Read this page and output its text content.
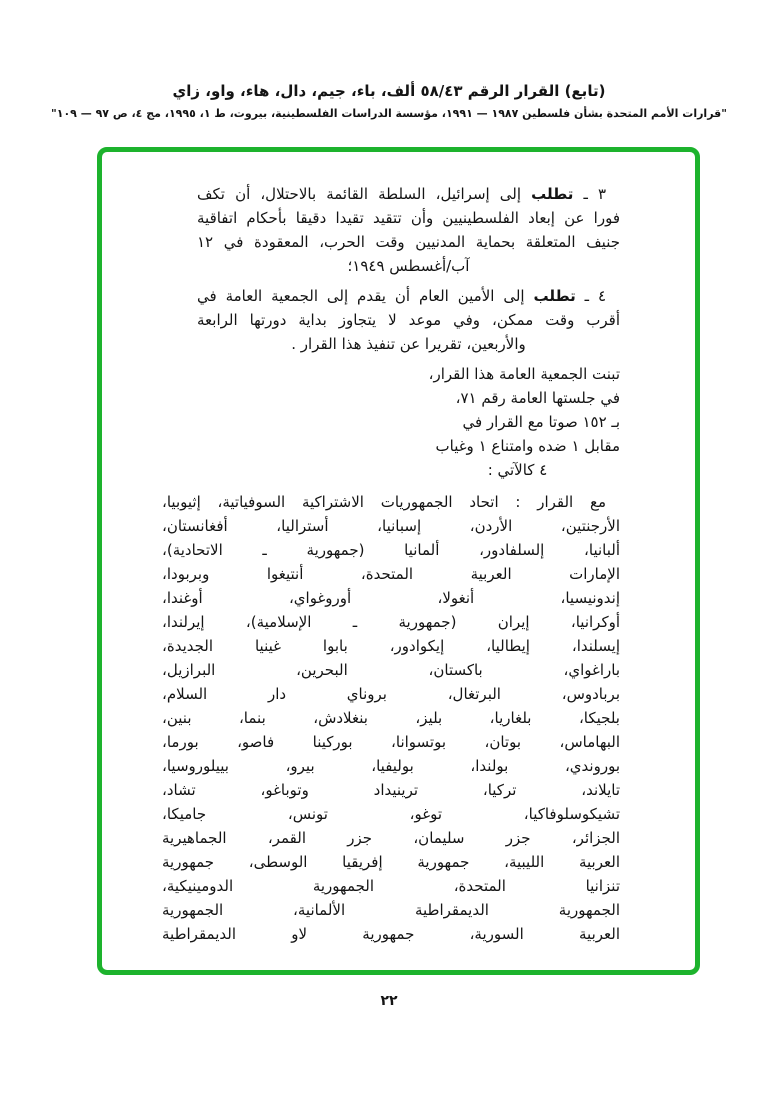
(تابع) القرار الرقم ٥٨/٤٣ ألف، باء، جيم، دال، هاء، واو، زاي
"قرارات الأمم المتحدة بشأن فلسطين ١٩٨٧ — ١٩٩١، مؤسسة الدراسات الفلسطينية، بيروت، ط ١، ١٩٩٥، مج ٤، ص ٩٧ — ١٠٩"
٣ ـ تطلب إلى إسرائيل، السلطة القائمة بالاحتلال، أن تكف
فورا عن إبعاد الفلسطينيين وأن تتقيد تقيدا دقيقا بأحكام اتفاقية
جنيف المتعلقة بحماية المدنيين وقت الحرب، المعقودة في ١٢
آب/أغسطس ١٩٤٩؛
٤ ـ تطلب إلى الأمين العام أن يقدم إلى الجمعية العامة في
أقرب وقت ممكن، وفي موعد لا يتجاوز بداية دورتها الرابعة
والأربعين، تقريرا عن تنفيذ هذا القرار .
تبنت الجمعية العامة هذا القرار،
في جلستها العامة رقم ٧١،
بـ ١٥٢ صوتا مع القرار في
مقابل ١ ضده وامتناع ١ وغياب
٤ كالآتي :
مع القرار : اتحاد الجمهوريات الاشتراكية السوفياتية، إثيوبيا،
الأرجنتين، الأردن، إسبانيا، أستراليا، أفغانستان،
ألبانيا، إلسلفادور، ألمانيا (جمهورية ـ الاتحادية)،
الإمارات العربية المتحدة، أنتيغوا وبربودا،
إندونيسيا، أنغولا، أوروغواي، أوغندا،
أوكرانيا، إيران (جمهورية ـ الإسلامية)، إيرلندا،
إيسلندا، إيطاليا، إيكوادور، بابوا غينيا الجديدة،
باراغواي، باكستان، البحرين، البرازيل،
بربادوس، البرتغال، بروناي دار السلام،
بلجيكا، بلغاريا، بليز، بنغلادش، بنما، بنين،
البهاماس، بوتان، بوتسوانا، بوركينا فاصو، بورما،
بوروندي، بولندا، بوليفيا، بيرو، بييلوروسيا،
تايلاند، تركيا، ترينيداد وتوباغو، تشاد،
تشيكوسلوفاكيا، توغو، تونس، جاميكا،
الجزائر، جزر سليمان، جزر القمر، الجماهيرية
العربية الليبية، جمهورية إفريقيا الوسطى، جمهورية
تنزانيا المتحدة، الجمهورية الدومينيكية،
الجمهورية الديمقراطية الألمانية، الجمهورية
العربية السورية، جمهورية لاو الديمقراطية
٢٢
